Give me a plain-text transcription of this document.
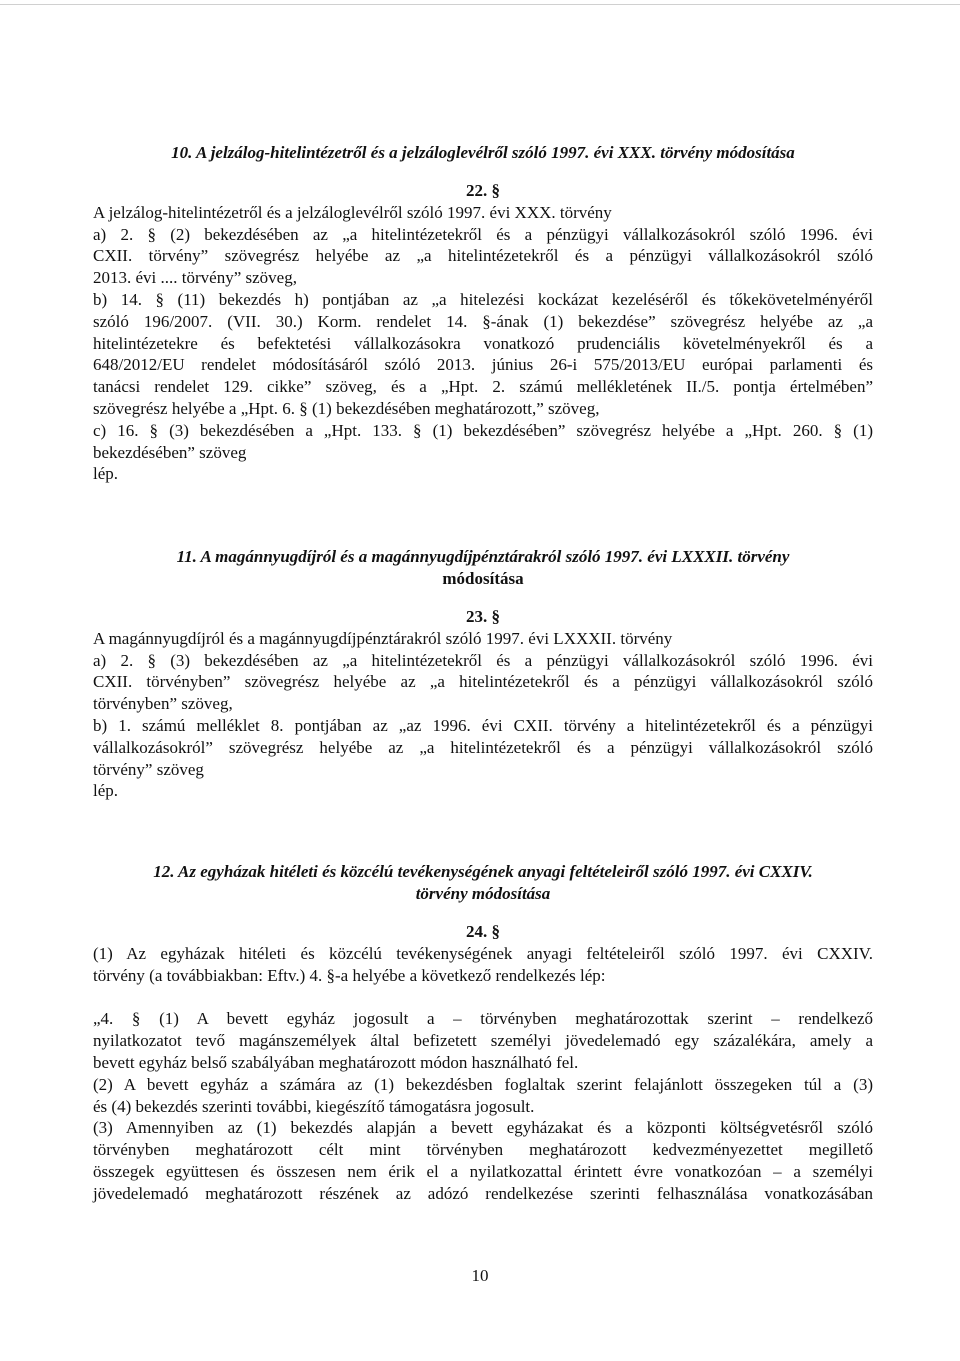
10. A jelzálog-hitelintézetről és a jelzáloglevélről szóló 1997. évi XXX. törvény módosítása

22. §

A jelzálog-hitelintézetről és a jelzáloglevélről szóló 1997. évi XXX. törvény

a) 2. § (2) bekezdésében az „a hitelintézetekről és a pénzügyi vállalkozásokról szóló 1996. évi

CXII. törvény” szövegrész helyébe az „a hitelintézetekről és a pénzügyi vállalkozásokról szóló

2013. évi .... törvény” szöveg,

b) 14. § (11) bekezdés h) pontjában az „a hitelezési kockázat kezeléséről és tőkekövetelményéről

szóló 196/2007. (VII. 30.) Korm. rendelet 14. §-ának (1) bekezdése” szövegrész helyébe az „a

hitelintézetekre és befektetési vállalkozásokra vonatkozó prudenciális követelményekről és a

648/2012/EU rendelet módosításáról szóló 2013. június 26-i 575/2013/EU európai parlamenti és

tanácsi rendelet 129. cikke” szöveg, és a „Hpt. 2. számú mellékletének II./5. pontja értelmében”

szövegrész helyébe a „Hpt. 6. § (1) bekezdésében meghatározott,” szöveg,

c) 16. § (3) bekezdésében a „Hpt. 133. § (1) bekezdésében” szövegrész helyébe a „Hpt. 260. § (1)

bekezdésében” szöveg

lép.

11. A magánnyugdíjról és a magánnyugdíjpénztárakról szóló 1997. évi LXXXII. törvény

módosítása

23. §

A magánnyugdíjról és a magánnyugdíjpénztárakról szóló 1997. évi LXXXII. törvény

a) 2. § (3) bekezdésében az „a hitelintézetekről és a pénzügyi vállalkozásokról szóló 1996. évi

CXII. törvényben” szövegrész helyébe az „a hitelintézetekről és a pénzügyi vállalkozásokról szóló

törvényben” szöveg,

b) 1. számú melléklet 8. pontjában az „az 1996. évi CXII. törvény a hitelintézetekről és a pénzügyi

vállalkozásokról” szövegrész helyébe az „a hitelintézetekről és a pénzügyi vállalkozásokról szóló

törvény” szöveg

lép.

12. Az egyházak hitéleti és közcélú tevékenységének anyagi feltételeiről szóló 1997. évi CXXIV.

törvény módosítása

24. §

(1) Az egyházak hitéleti és közcélú tevékenységének anyagi feltételeiről szóló 1997. évi CXXIV.

törvény (a továbbiakban: Eftv.) 4. §-a helyébe a következő rendelkezés lép:

„4. § (1) A bevett egyház jogosult a – törvényben meghatározottak szerint – rendelkező

nyilatkozatot tevő magánszemélyek által befizetett személyi jövedelemadó egy százalékára, amely a

bevett egyház belső szabályában meghatározott módon használható fel.

(2) A bevett egyház a számára az (1) bekezdésben foglaltak szerint felajánlott összegeken túl a (3)

és (4) bekezdés szerinti további, kiegészítő támogatásra jogosult.

(3) Amennyiben az (1) bekezdés alapján a bevett egyházakat és a központi költségvetésről szóló

törvényben meghatározott célt mint törvényben meghatározott kedvezményezettet megillető

összegek együttesen és összesen nem érik el a nyilatkozattal érintett évre vonatkozóan – a személyi

jövedelemadó meghatározott részének az adózó rendelkezése szerinti felhasználása vonatkozásában

10
